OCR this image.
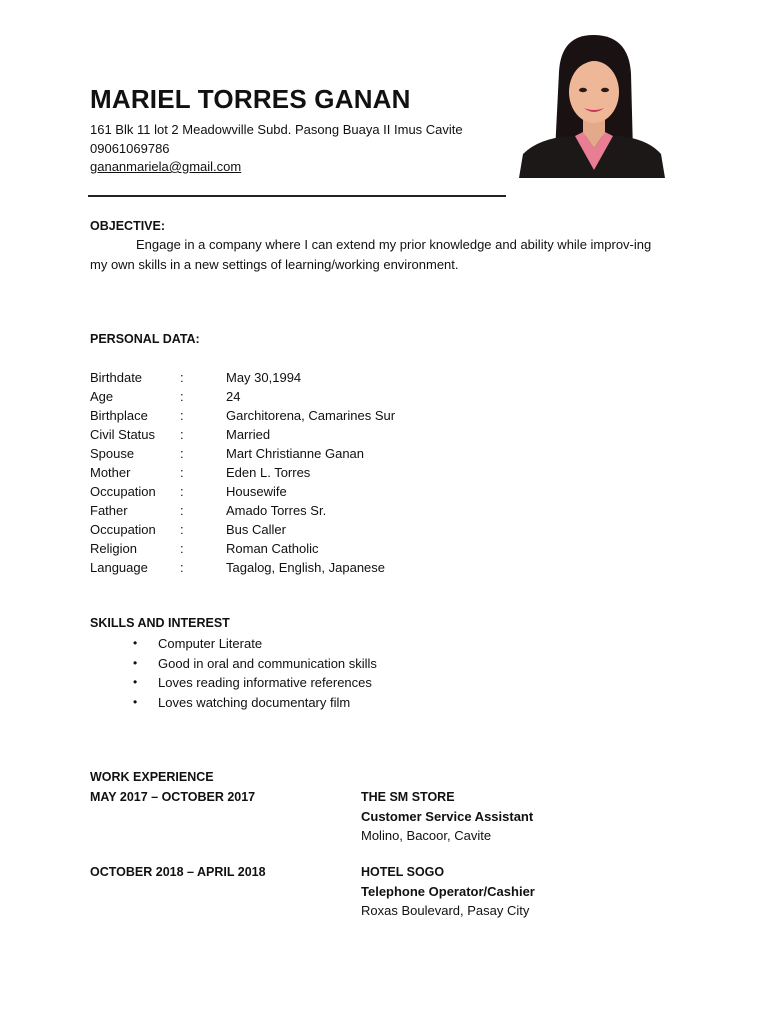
MARIEL TORRES GANAN
161 Blk 11 lot 2 Meadowville Subd. Pasong Buaya II Imus Cavite
09061069786
gananmariela@gmail.com
OBJECTIVE:
Engage in a company where I can extend my prior knowledge and ability while improv-ing my own skills in a new settings of learning/working environment.
PERSONAL DATA:
Birthdate	:	May 30,1994
Age	:	24
Birthplace :	Garchitorena, Camarines Sur
Civil Status :	Married
Spouse	:	Mart Christianne Ganan
Mother	:	Eden L. Torres
Occupation :	Housewife
Father	:	Amado Torres Sr.
Occupation :	Bus Caller
Religion	:	Roman Catholic
Language :	Tagalog, English, Japanese
SKILLS AND INTEREST
• Computer Literate
• Good in oral and communication skills
• Loves reading informative references
• Loves watching documentary film
WORK EXPERIENCE
MAY 2017 – OCTOBER 2017	THE SM STORE
Customer Service Assistant
Molino, Bacoor, Cavite
OCTOBER 2018 – APRIL 2018	HOTEL SOGO
Telephone Operator/Cashier
Roxas Boulevard, Pasay City
